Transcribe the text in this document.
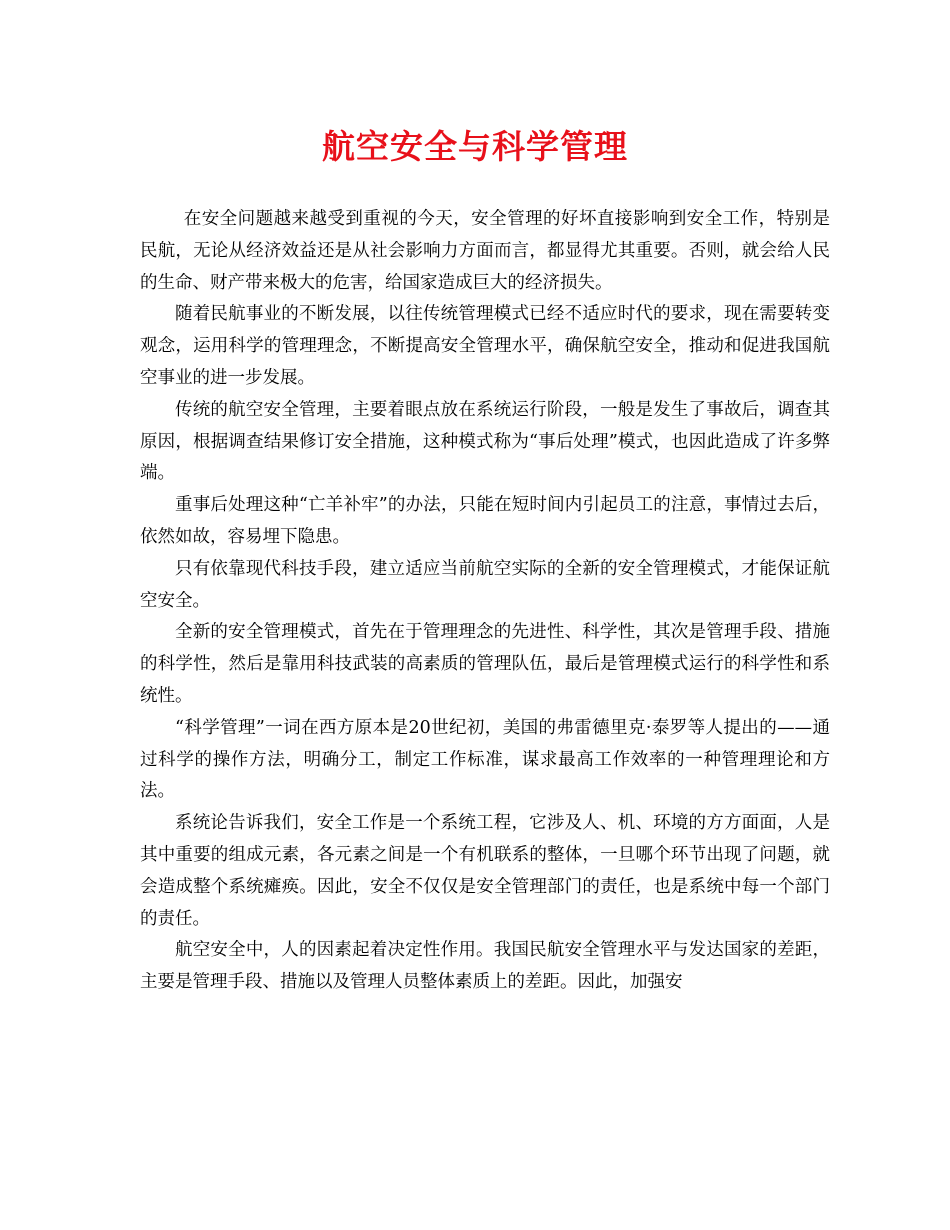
航空安全与科学管理

在安全问题越来越受到重视的今天，安全管理的好坏直接影响到安全工作，特别是民航，无论从经济效益还是从社会影响力方面而言，都显得尤其重要。否则，就会给人民的生命、财产带来极大的危害，给国家造成巨大的经济损失。

随着民航事业的不断发展，以往传统管理模式已经不适应时代的要求，现在需要转变观念，运用科学的管理理念，不断提高安全管理水平，确保航空安全，推动和促进我国航空事业的进一步发展。

传统的航空安全管理，主要着眼点放在系统运行阶段，一般是发生了事故后，调查其原因，根据调查结果修订安全措施，这种模式称为“事后处理”模式，也因此造成了许多弊端。

重事后处理这种“亡羊补牢”的办法，只能在短时间内引起员工的注意，事情过去后，依然如故，容易埋下隐患。

只有依靠现代科技手段，建立适应当前航空实际的全新的安全管理模式，才能保证航空安全。

全新的安全管理模式，首先在于管理理念的先进性、科学性，其次是管理手段、措施的科学性，然后是靠用科技武装的高素质的管理队伍，最后是管理模式运行的科学性和系统性。

“科学管理”一词在西方原本是20世纪初，美国的弗雷德里克·泰罗等人提出的——通过科学的操作方法，明确分工，制定工作标准，谋求最高工作效率的一种管理理论和方法。

系统论告诉我们，安全工作是一个系统工程，它涉及人、机、环境的方方面面，人是其中重要的组成元素，各元素之间是一个有机联系的整体，一旦哪个环节出现了问题，就会造成整个系统瘫痪。因此，安全不仅仅是安全管理部门的责任，也是系统中每一个部门的责任。

航空安全中，人的因素起着决定性作用。我国民航安全管理水平与发达国家的差距，主要是管理手段、措施以及管理人员整体素质上的差距。因此，加强安
